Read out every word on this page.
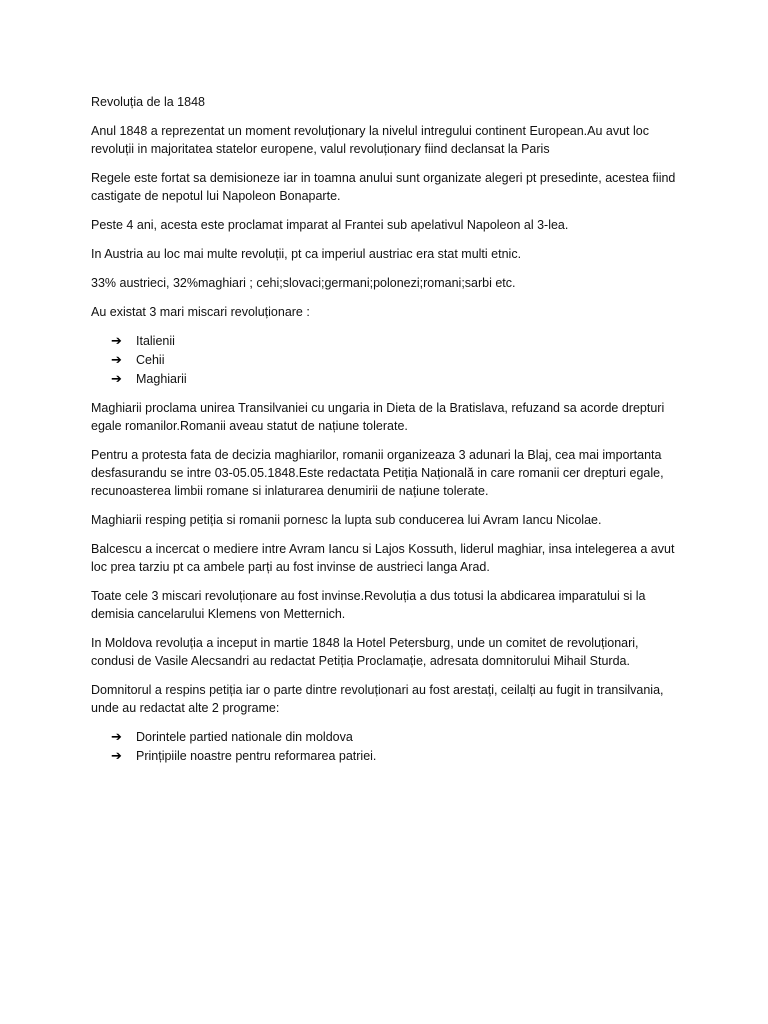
Revoluția de la 1848

Anul 1848 a reprezentat un moment revoluționary la nivelul intregului continent European.Au avut loc revoluții in majoritatea statelor europene, valul revoluționary fiind declansat la Paris

Regele este fortat sa demisioneze iar in toamna anului sunt organizate alegeri pt presedinte, acestea fiind castigate de nepotul lui Napoleon Bonaparte.

Peste 4 ani, acesta este proclamat imparat al Frantei sub apelativul Napoleon al 3-lea.

In Austria au loc mai multe revoluții, pt ca imperiul austriac era stat multi etnic.

33% austrieci, 32%maghiari ; cehi;slovaci;germani;polonezi;romani;sarbi etc.

Au existat 3 mari miscari revoluționare :

➔ Italienii
➔ Cehii
➔ Maghiarii

Maghiarii proclama unirea Transilvaniei cu ungaria in Dieta de la Bratislava, refuzand sa acorde drepturi egale romanilor.Romanii aveau statut de națiune tolerate.

Pentru a protesta fata de decizia maghiarilor, romanii organizeaza 3 adunari la Blaj, cea mai importanta desfasurandu se intre 03-05.05.1848.Este redactata Petiția Națională in care romanii cer drepturi egale, recunoasterea limbii romane si inlaturarea denumirii de națiune tolerate.

Maghiarii resping petiția si romanii pornesc la lupta sub conducerea lui Avram Iancu Nicolae.

Balcescu a incercat o mediere intre Avram Iancu si Lajos Kossuth, liderul maghiar, insa intelegerea a avut loc prea tarziu pt ca ambele parți au fost invinse de austrieci langa Arad.

Toate cele 3 miscari revoluționare au fost invinse.Revoluția a dus totusi la abdicarea imparatului si la demisia cancelarului Klemens von Metternich.

In Moldova revoluția a inceput in martie 1848 la Hotel Petersburg, unde un comitet de revoluționari, condusi de Vasile Alecsandri au redactat Petiția Proclamație, adresata domnitorului Mihail Sturda.

Domnitorul a respins petiția iar o parte dintre revoluționari au fost arestați, ceilalți au fugit in transilvania, unde au redactat alte 2 programe:

➔ Dorintele partied nationale din moldova
➔ Prințipiile noastre pentru reformarea patriei.
